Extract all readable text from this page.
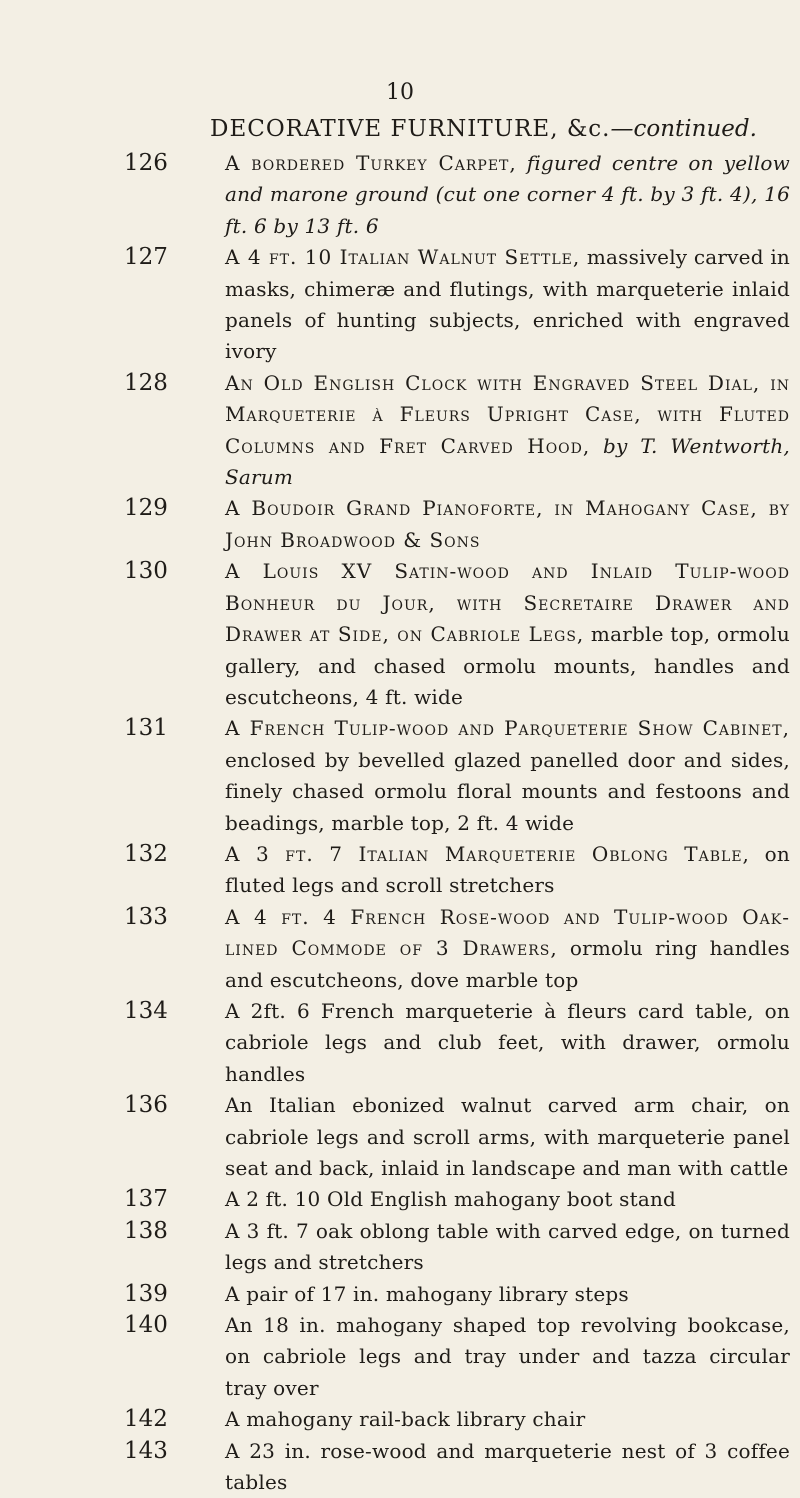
10
DECORATIVE FURNITURE, &c.—continued.
126	A bordered Turkey Carpet, figured centre on yellow and marone ground (cut one corner 4 ft. by 3 ft. 4), 16 ft. 6 by 13 ft. 6
127	A 4 ft. 10 Italian Walnut Settle, massively carved in masks, chimeræ and flutings, with marqueterie inlaid panels of hunting subjects, enriched with engraved ivory
128	An Old English Clock with Engraved Steel Dial, in Marqueterie à Fleurs Upright Case, with Fluted Columns and Fret Carved Hood, by T. Wentworth, Sarum
129	A Boudoir Grand Pianoforte, in Mahogany Case, by John Broadwood & Sons
130	A Louis XV Satin-wood and Inlaid Tulip-wood Bonheur du Jour, with Secretaire Drawer and Drawer at Side, on Cabriole Legs, marble top, ormolu gallery, and chased ormolu mounts, handles and escutcheons, 4 ft. wide
131	A French Tulip-wood and Parqueterie Show Cabinet, enclosed by bevelled glazed panelled door and sides, finely chased ormolu floral mounts and festoons and beadings, marble top, 2 ft. 4 wide
132	A 3 ft. 7 Italian Marqueterie Oblong Table, on fluted legs and scroll stretchers
133	A 4 ft. 4 French Rose-wood and Tulip-wood Oak-lined Commode of 3 Drawers, ormolu ring handles and escutcheons, dove marble top
134	A 2ft. 6 French marqueterie à fleurs card table, on cabriole legs and club feet, with drawer, ormolu handles
136	An Italian ebonized walnut carved arm chair, on cabriole legs and scroll arms, with marqueterie panel seat and back, inlaid in landscape and man with cattle
137	A 2 ft. 10 Old English mahogany boot stand
138	A 3 ft. 7 oak oblong table with carved edge, on turned legs and stretchers
139	A pair of 17 in. mahogany library steps
140	An 18 in. mahogany shaped top revolving bookcase, on cabriole legs and tray under and tazza circular tray over
142	A mahogany rail-back library chair
143	A 23 in. rose-wood and marqueterie nest of 3 coffee tables
